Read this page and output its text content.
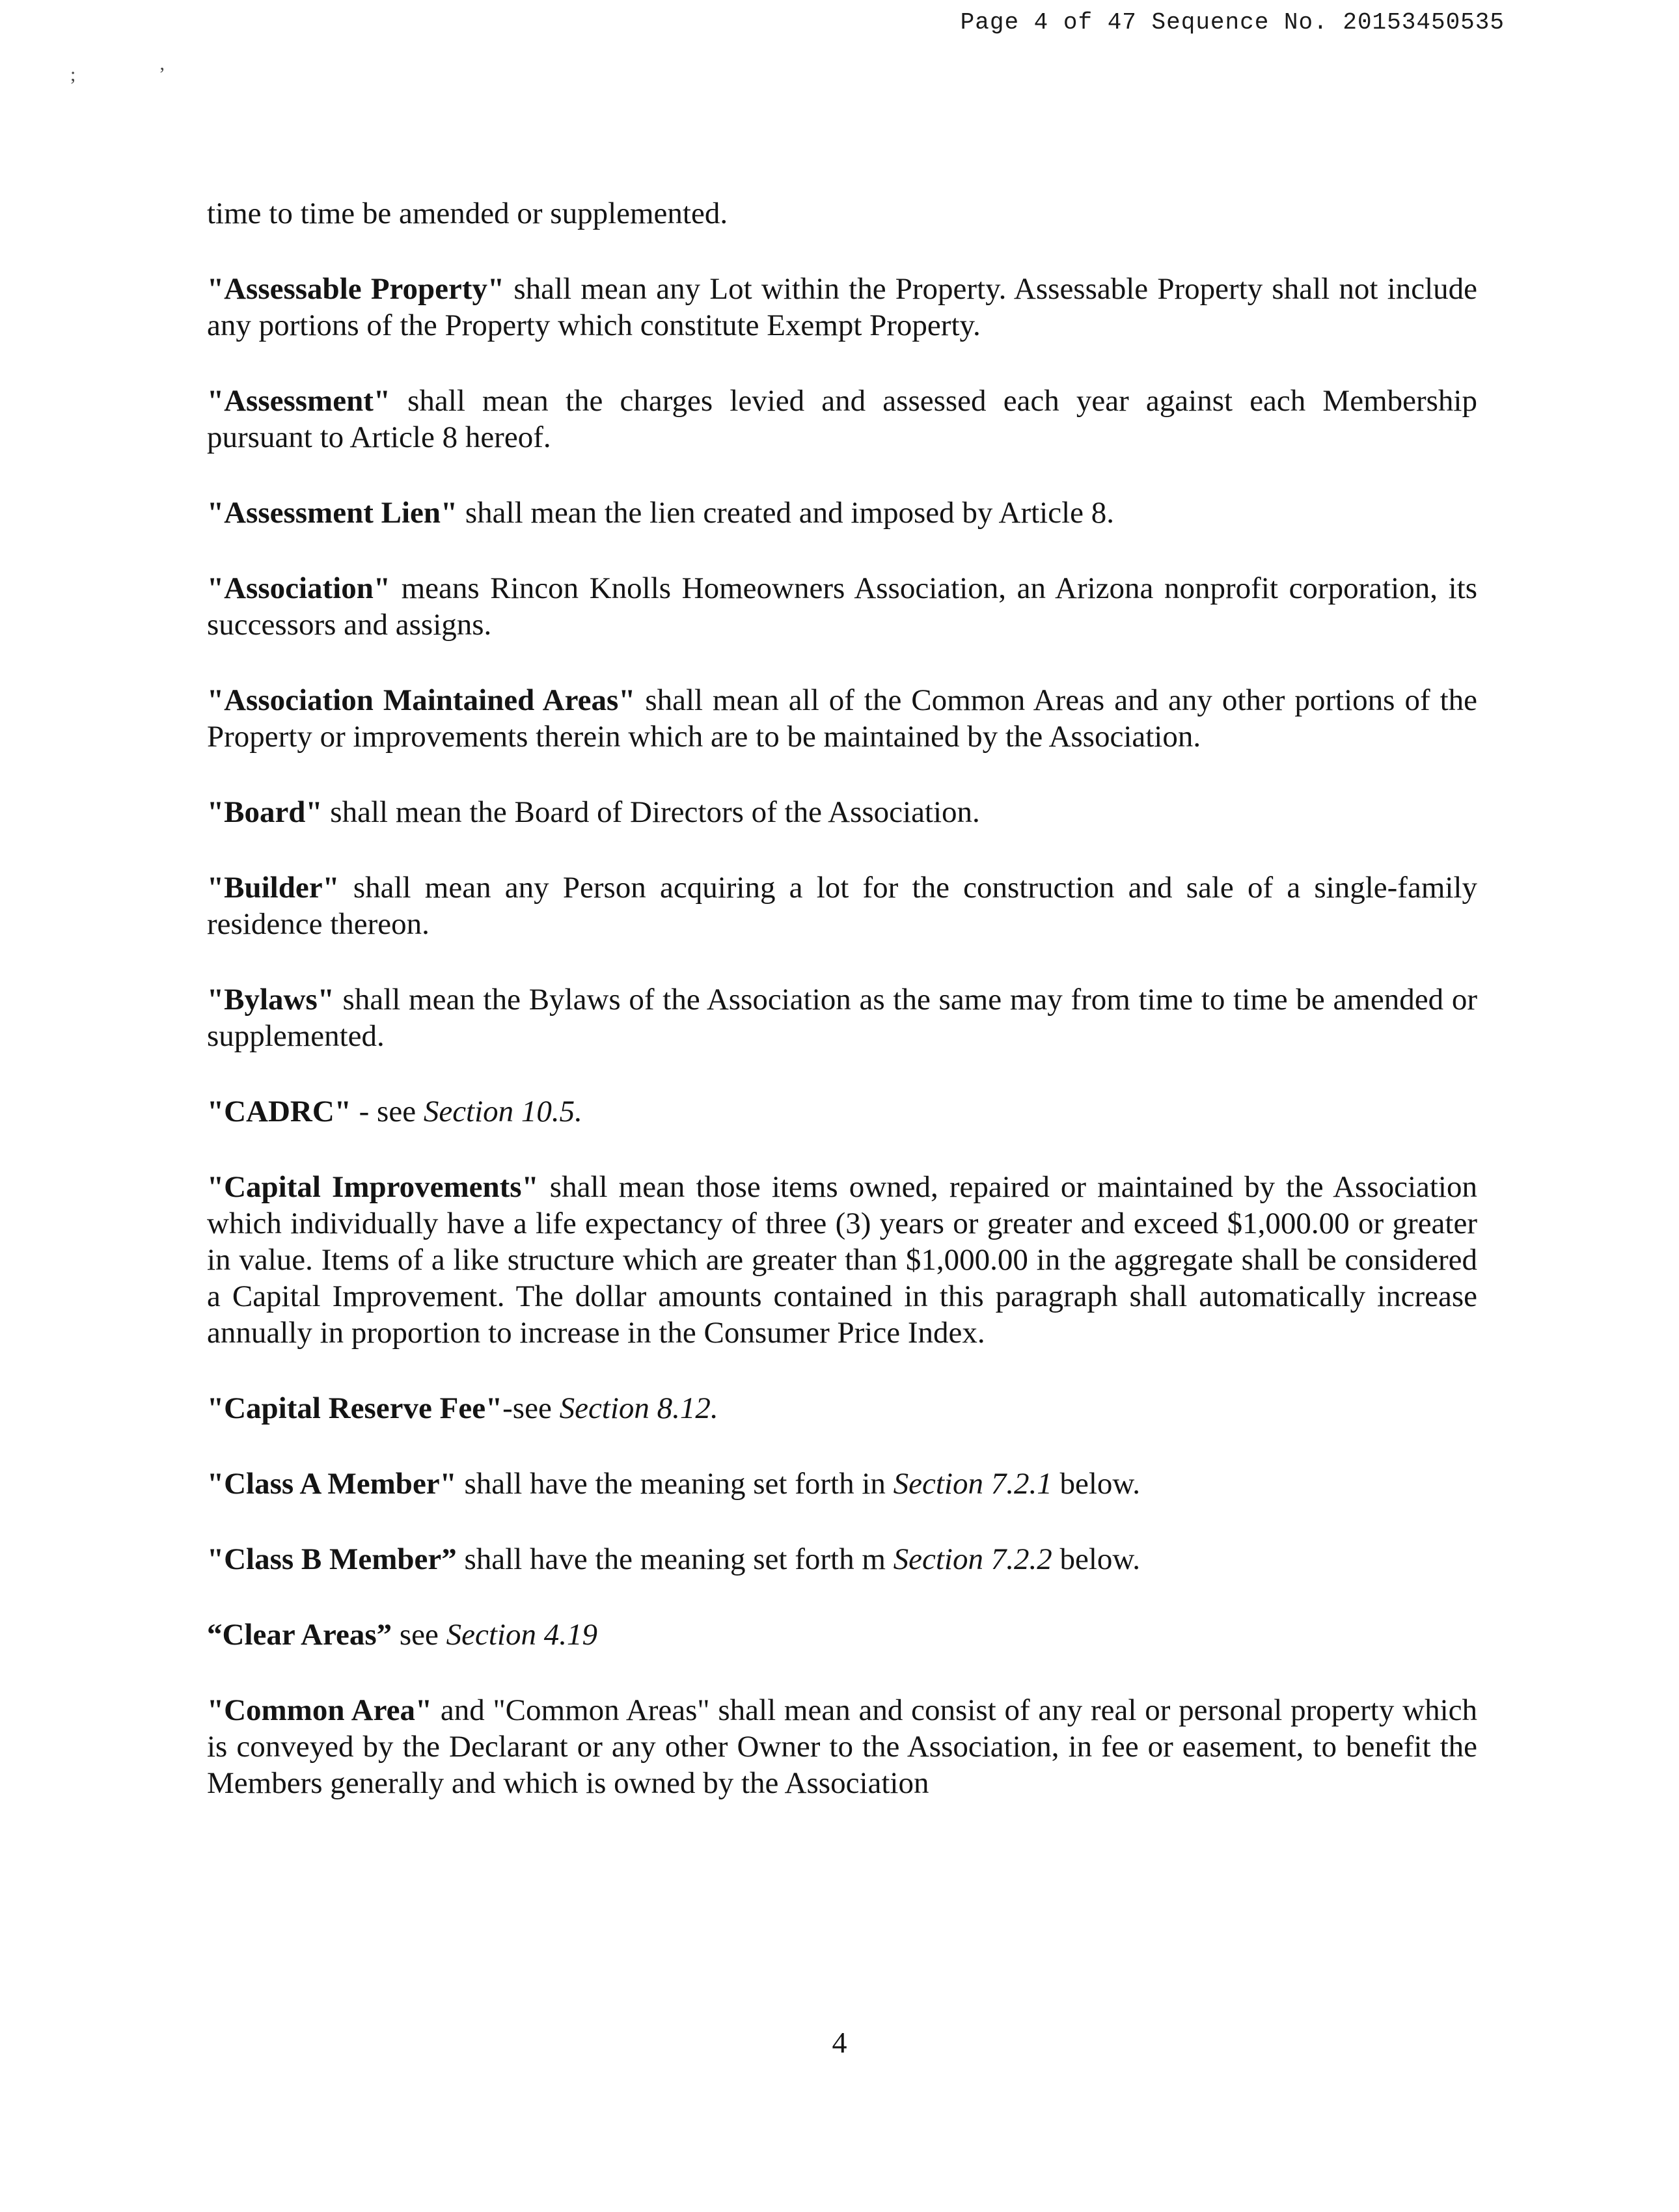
Page 4 of 47 Sequence No. 20153450535
;	ʼ

time to time be amended or supplemented.

"Assessable Property" shall mean any Lot within the Property. Assessable Property shall not include any portions of the Property which constitute Exempt Property.

"Assessment" shall mean the charges levied and assessed each year against each Membership pursuant to Article 8 hereof.

"Assessment Lien" shall mean the lien created and imposed by Article 8.

"Association" means Rincon Knolls Homeowners Association, an Arizona nonprofit corporation, its successors and assigns.

"Association Maintained Areas" shall mean all of the Common Areas and any other portions of the Property or improvements therein which are to be maintained by the Association.

"Board" shall mean the Board of Directors of the Association.

"Builder" shall mean any Person acquiring a lot for the construction and sale of a single-family residence thereon.

"Bylaws" shall mean the Bylaws of the Association as the same may from time to time be amended or supplemented.

"CADRC" - see Section 10.5.

"Capital Improvements" shall mean those items owned, repaired or maintained by the Association which individually have a life expectancy of three (3) years or greater and exceed $1,000.00 or greater in value. Items of a like structure which are greater than $1,000.00 in the aggregate shall be considered a Capital Improvement. The dollar amounts contained in this paragraph shall automatically increase annually in proportion to increase in the Consumer Price Index.

"Capital Reserve Fee"-see Section 8.12.

"Class A Member" shall have the meaning set forth in Section 7.2.1 below.

"Class B Member” shall have the meaning set forth m Section 7.2.2 below.

“Clear Areas” see Section 4.19

"Common Area" and "Common Areas" shall mean and consist of any real or personal property which is conveyed by the Declarant or any other Owner to the Association, in fee or easement, to benefit the Members generally and which is owned by the Association

4
